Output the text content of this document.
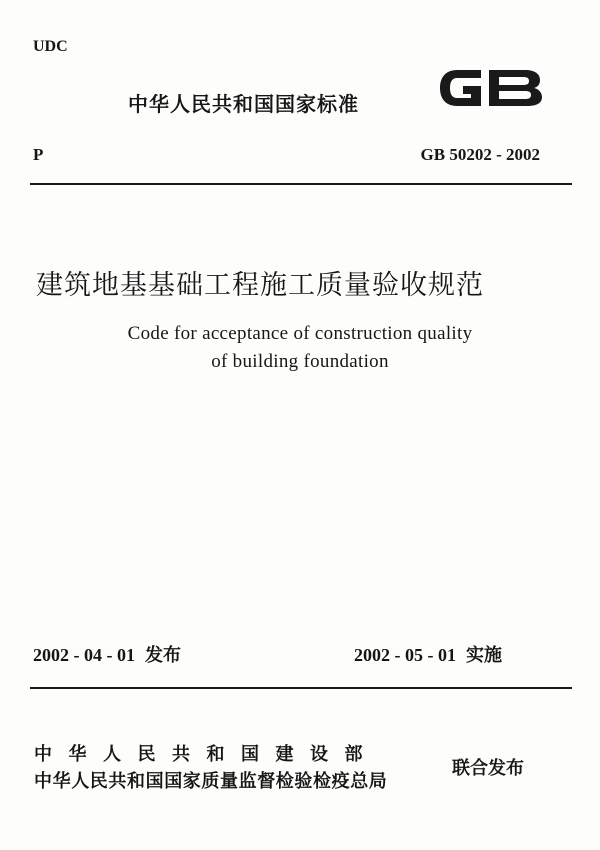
UDC
中华人民共和国国家标准
P	GB 50202 - 2002
建筑地基基础工程施工质量验收规范
Code for acceptance of construction quality
of building foundation
2002 - 04 - 01 发布	2002 - 05 - 01 实施
中华人民共和国建设部
中华人民共和国国家质量监督检验检疫总局
联合发布
